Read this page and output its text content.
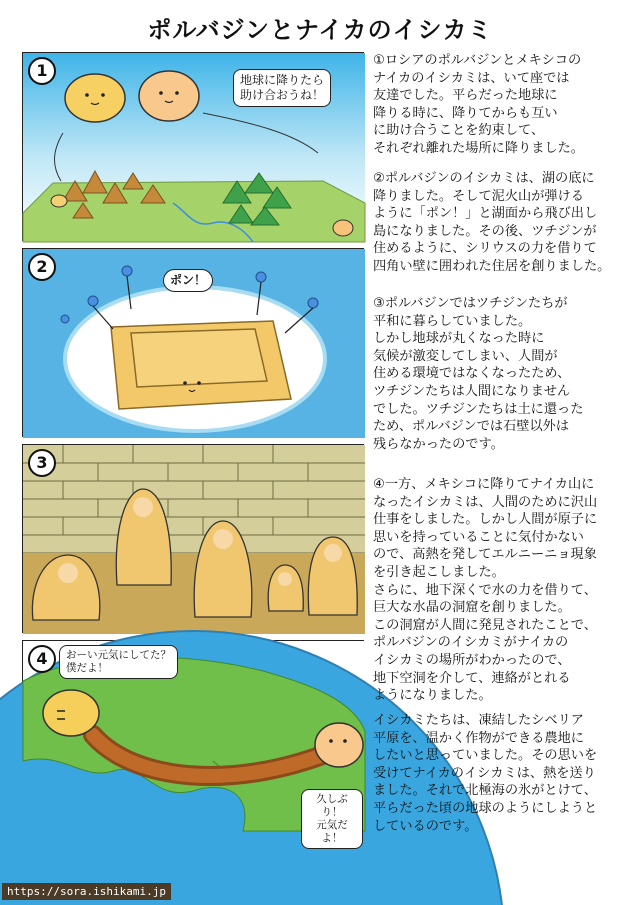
ポルバジンとナイカのイシカミ
1	地球に降りたら
助け合おうね！
2
ポン！
3
4	おーい元気にしてた？
僕だよ！
久しぶり！
元気だよ！
①ロシアのポルバジンとメキシコの
ナイカのイシカミは、いて座では
友達でした。平らだった地球に
降りる時に、降りてからも互い
に助け合うことを約束して、
それぞれ離れた場所に降りました。
②ポルバジンのイシカミは、湖の底に
降りました。そして泥火山が弾ける
ように「ポン！」と湖面から飛び出し
島になりました。その後、ツチジンが
住めるように、シリウスの力を借りて
四角い壁に囲われた住居を創りました。
③ポルバジンではツチジンたちが
平和に暮らしていました。
しかし地球が丸くなった時に
気候が激変してしまい、人間が
住める環境ではなくなったため、
ツチジンたちは人間になりません
でした。ツチジンたちは土に還った
ため、ポルバジンでは石壁以外は
残らなかったのです。
④一方、メキシコに降りてナイカ山に
なったイシカミは、人間のために沢山
仕事をしました。しかし人間が原子に
思いを持っていることに気付かない
ので、高熱を発してエルニーニョ現象
を引き起こしました。
さらに、地下深くで水の力を借りて、
巨大な水晶の洞窟を創りました。
この洞窟が人間に発見されたことで、
ポルバジンのイシカミがナイカの
イシカミの場所がわかったので、
地下空洞を介して、連絡がとれる
ようになりました。
イシカミたちは、凍結したシベリア
平原を、温かく作物ができる農地に
したいと思っていました。その思いを
受けてナイカのイシカミは、熱を送り
ました。それで北極海の氷がとけて、
平らだった頃の地球のようにしようと
しているのです。
https://sora.ishikami.jp
